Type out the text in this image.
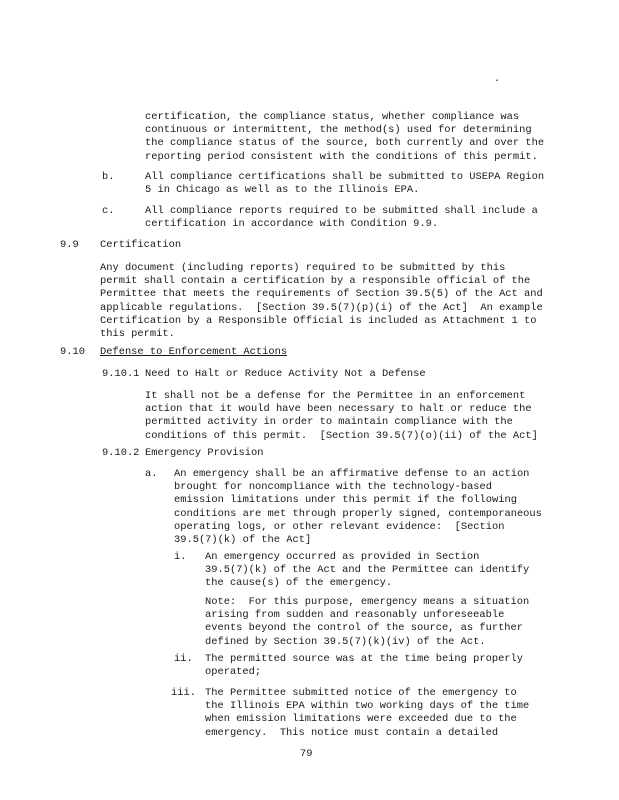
.
certification, the compliance status, whether compliance was
continuous or intermittent, the method(s) used for determining
the compliance status of the source, both currently and over the
reporting period consistent with the conditions of this permit.
b.	All compliance certifications shall be submitted to USEPA Region
5 in Chicago as well as to the Illinois EPA.
c.	All compliance reports required to be submitted shall include a
certification in accordance with Condition 9.9.
9.9 Certification
Any document (including reports) required to be submitted by this
permit shall contain a certification by a responsible official of the
Permittee that meets the requirements of Section 39.5(5) of the Act and
applicable regulations.  [Section 39.5(7)(p)(i) of the Act]  An example
Certification by a Responsible Official is included as Attachment 1 to
this permit.
9.10 Defense to Enforcement Actions
9.10.1 Need to Halt or Reduce Activity Not a Defense
It shall not be a defense for the Permittee in an enforcement
action that it would have been necessary to halt or reduce the
permitted activity in order to maintain compliance with the
conditions of this permit.  [Section 39.5(7)(o)(ii) of the Act]
9.10.2 Emergency Provision
a. An emergency shall be an affirmative defense to an action
brought for noncompliance with the technology-based
emission limitations under this permit if the following
conditions are met through properly signed, contemporaneous
operating logs, or other relevant evidence:  [Section
39.5(7)(k) of the Act]
i. An emergency occurred as provided in Section
39.5(7)(k) of the Act and the Permittee can identify
the cause(s) of the emergency.
Note:  For this purpose, emergency means a situation
arising from sudden and reasonably unforeseeable
events beyond the control of the source, as further
defined by Section 39.5(7)(k)(iv) of the Act.
ii. The permitted source was at the time being properly
operated;
iii. The Permittee submitted notice of the emergency to
the Illinois EPA within two working days of the time
when emission limitations were exceeded due to the
emergency.  This notice must contain a detailed
79
